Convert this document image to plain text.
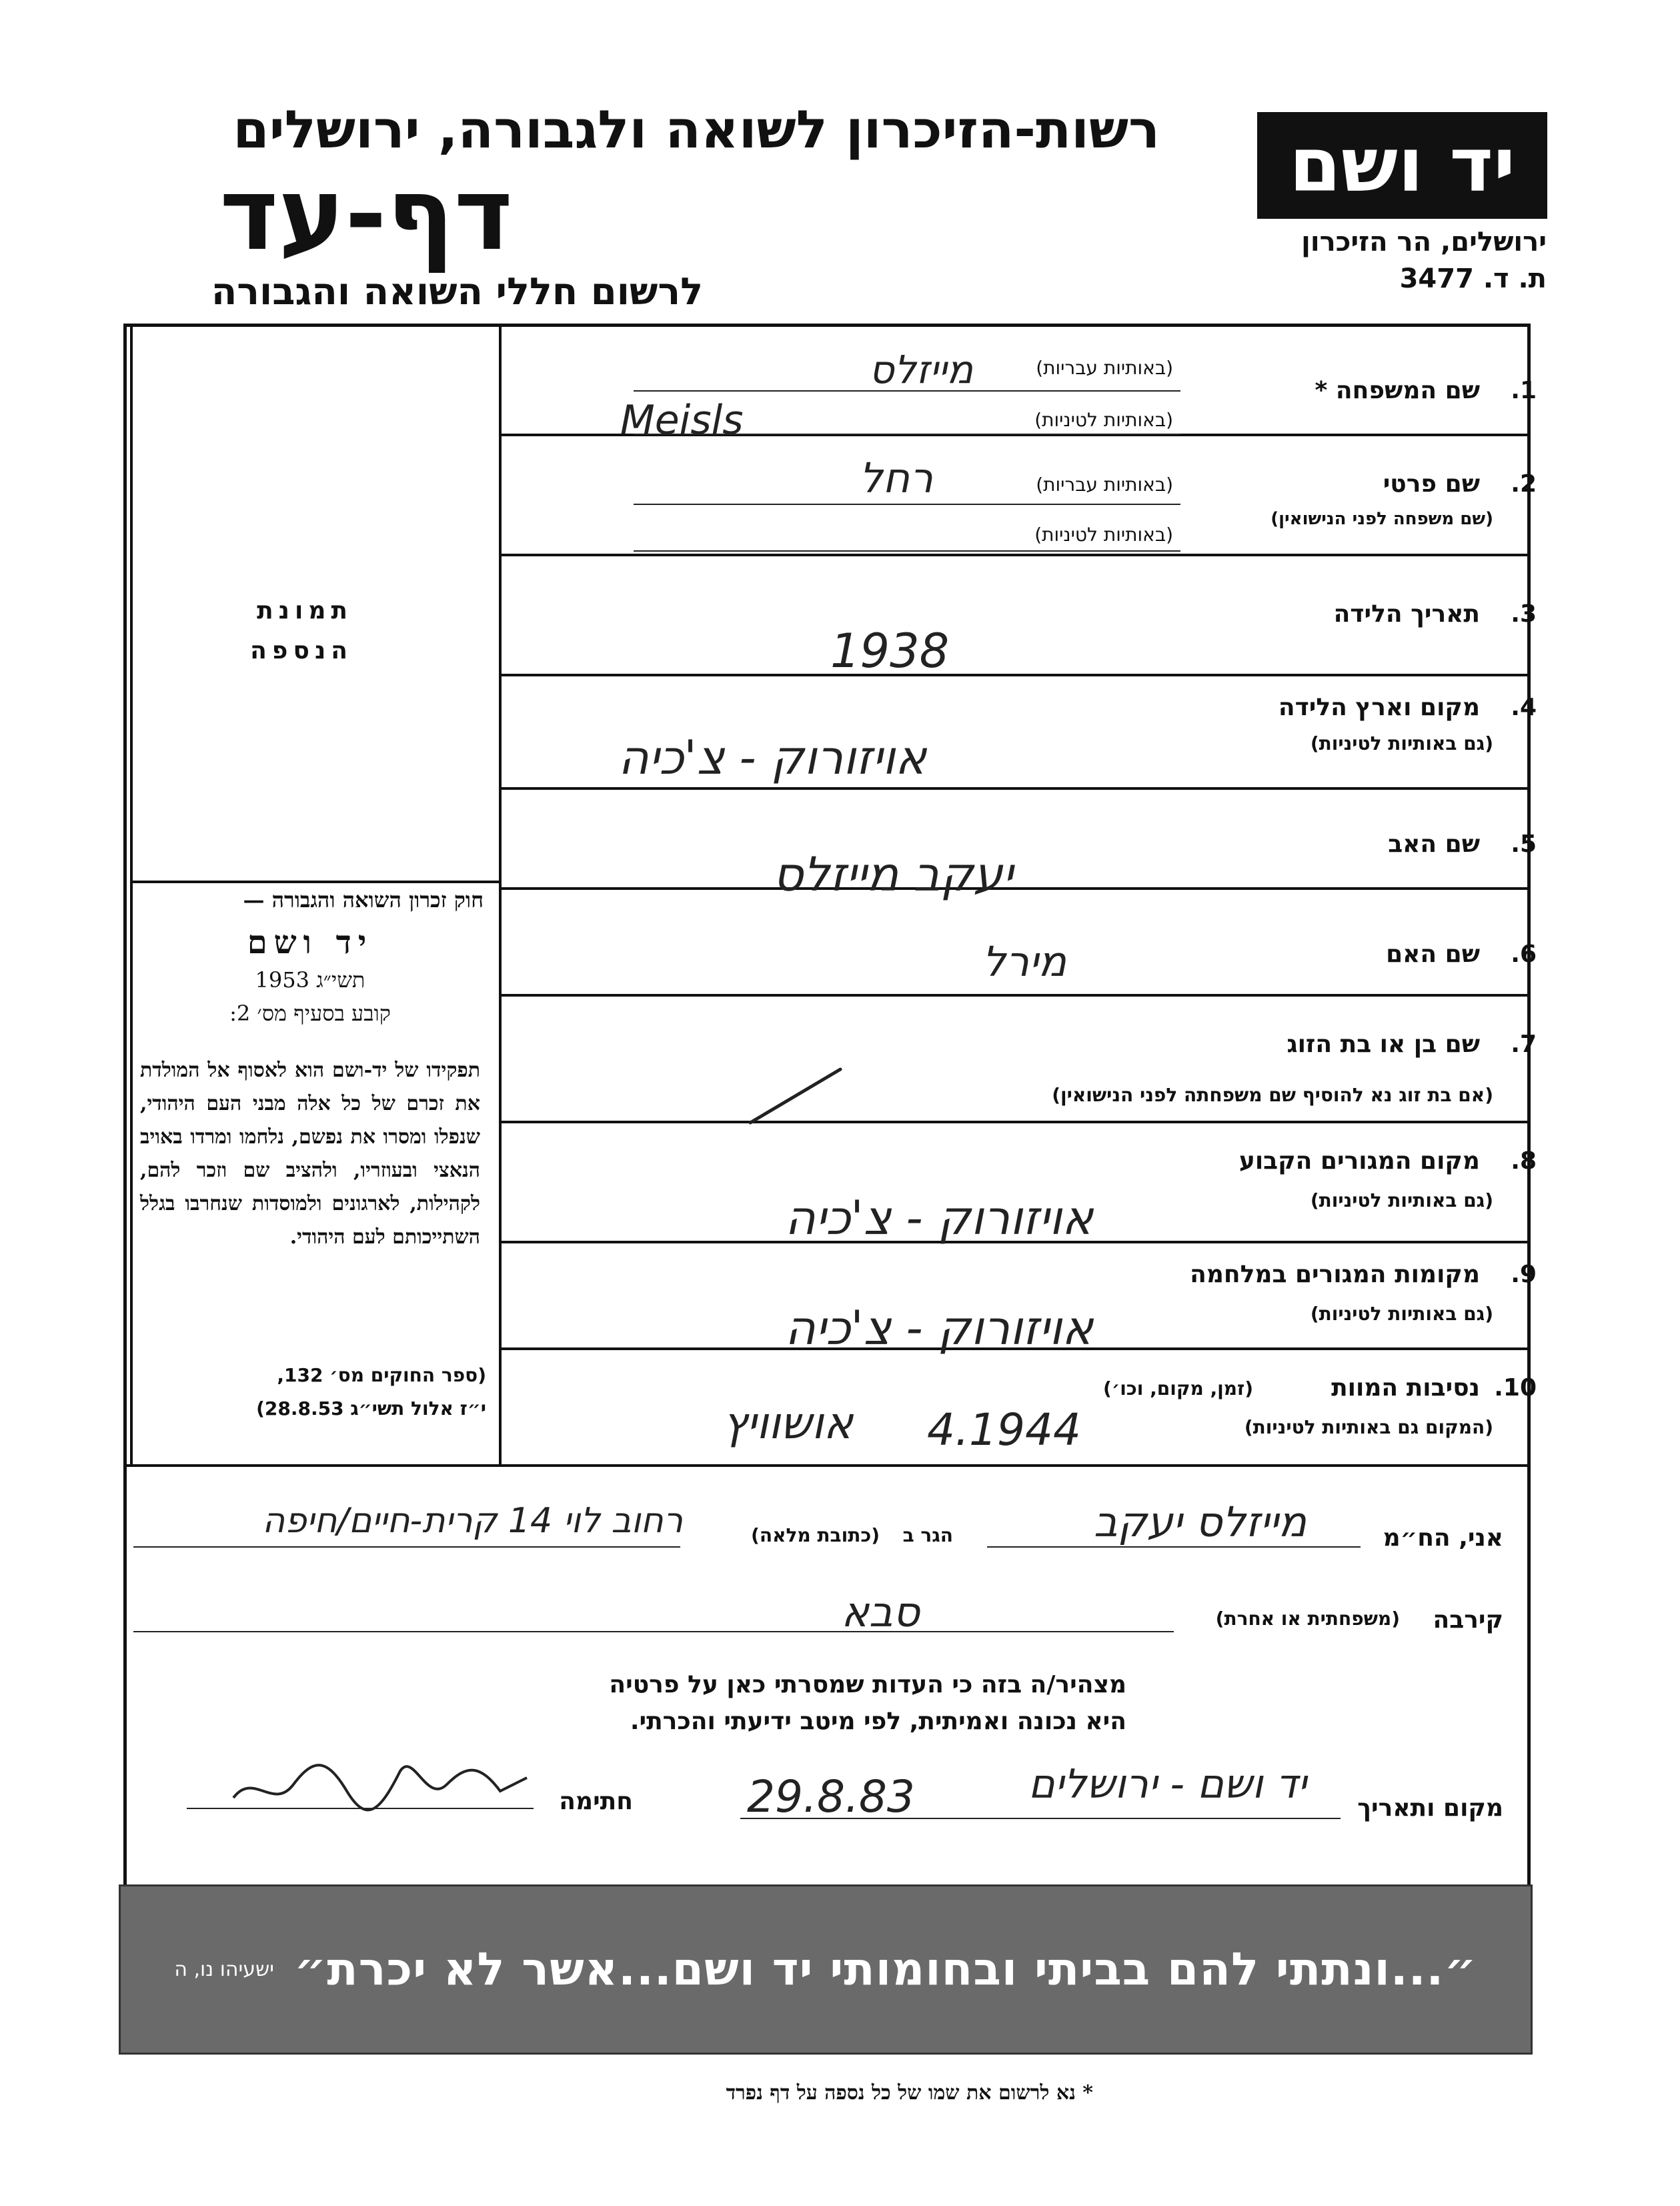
יד ושם
ירושלים, הר הזיכרון
ת. ד. 3477
רשות-הזיכרון לשואה ולגבורה, ירושלים
דף-עד
לרשום חללי השואה והגבורה
תמונת
הנספה
חוק זכרון השואה והגבורה —
יד ושם
תשי״ג 1953
קובע בסעיף מס׳ 2:
תפקידו של יד-ושם הוא לאסוף אל המולדת את זכרם של כל אלה מבני העם היהודי, שנפלו ומסרו את נפשם, נלחמו ומרדו באויב הנאצי ובעוזריו, ולהציב שם וזכר להם, לקהילות, לארגונים ולמוסדות שנחרבו בגלל השתייכותם לעם היהודי.
(ספר החוקים מס׳ 132,
י״ז אלול תשי״ג 28.8.53)
1.
שם המשפחה *
(באותיות עבריות)
מייזלס
(באותיות לטיניות)
Meisls
2.
שם פרטי
(שם משפחה לפני הנישואין)
(באותיות עבריות)
רחל
(באותיות לטיניות)
3.
תאריך הלידה
1938
4.
מקום וארץ הלידה
(גם באותיות לטיניות)
אויזורוק - צ'כיה
5.
שם האב
יעקב מייזלס
6.
שם האם
מירל
7.
שם בן או בת הזוג
(אם בת זוג נא להוסיף שם משפחתה לפני הנישואין)
8.
מקום המגורים הקבוע
(גם באותיות לטיניות)
אויזורוק - צ'כיה
9.
מקומות המגורים במלחמה
(גם באותיות לטיניות)
אויזורוק - צ'כיה
10.
נסיבות המוות
(זמן, מקום, וכו׳)
(המקום גם באותיות לטיניות)
אושוויץ 4.1944
אני, הח״מ
מייזלס יעקב
הגר ב
(כתובת מלאה)
רחוב לוי 14 קרית-חיים/חיפה
קירבה
(משפחתית או אחרת)
סבא
מצהיר/ה בזה כי העדות שמסרתי כאן על פרטיה
היא נכונה ואמיתית, לפי מיטב ידיעתי והכרתי.
מקום ותאריך
יד ושם - ירושלים
29.8.83
חתימה
״...ונתתי להם בביתי ובחומותי יד ושם...אשר לא יכרת״
ישעיהו נו, ה
* נא לרשום את שמו של כל נספה על דף נפרד
